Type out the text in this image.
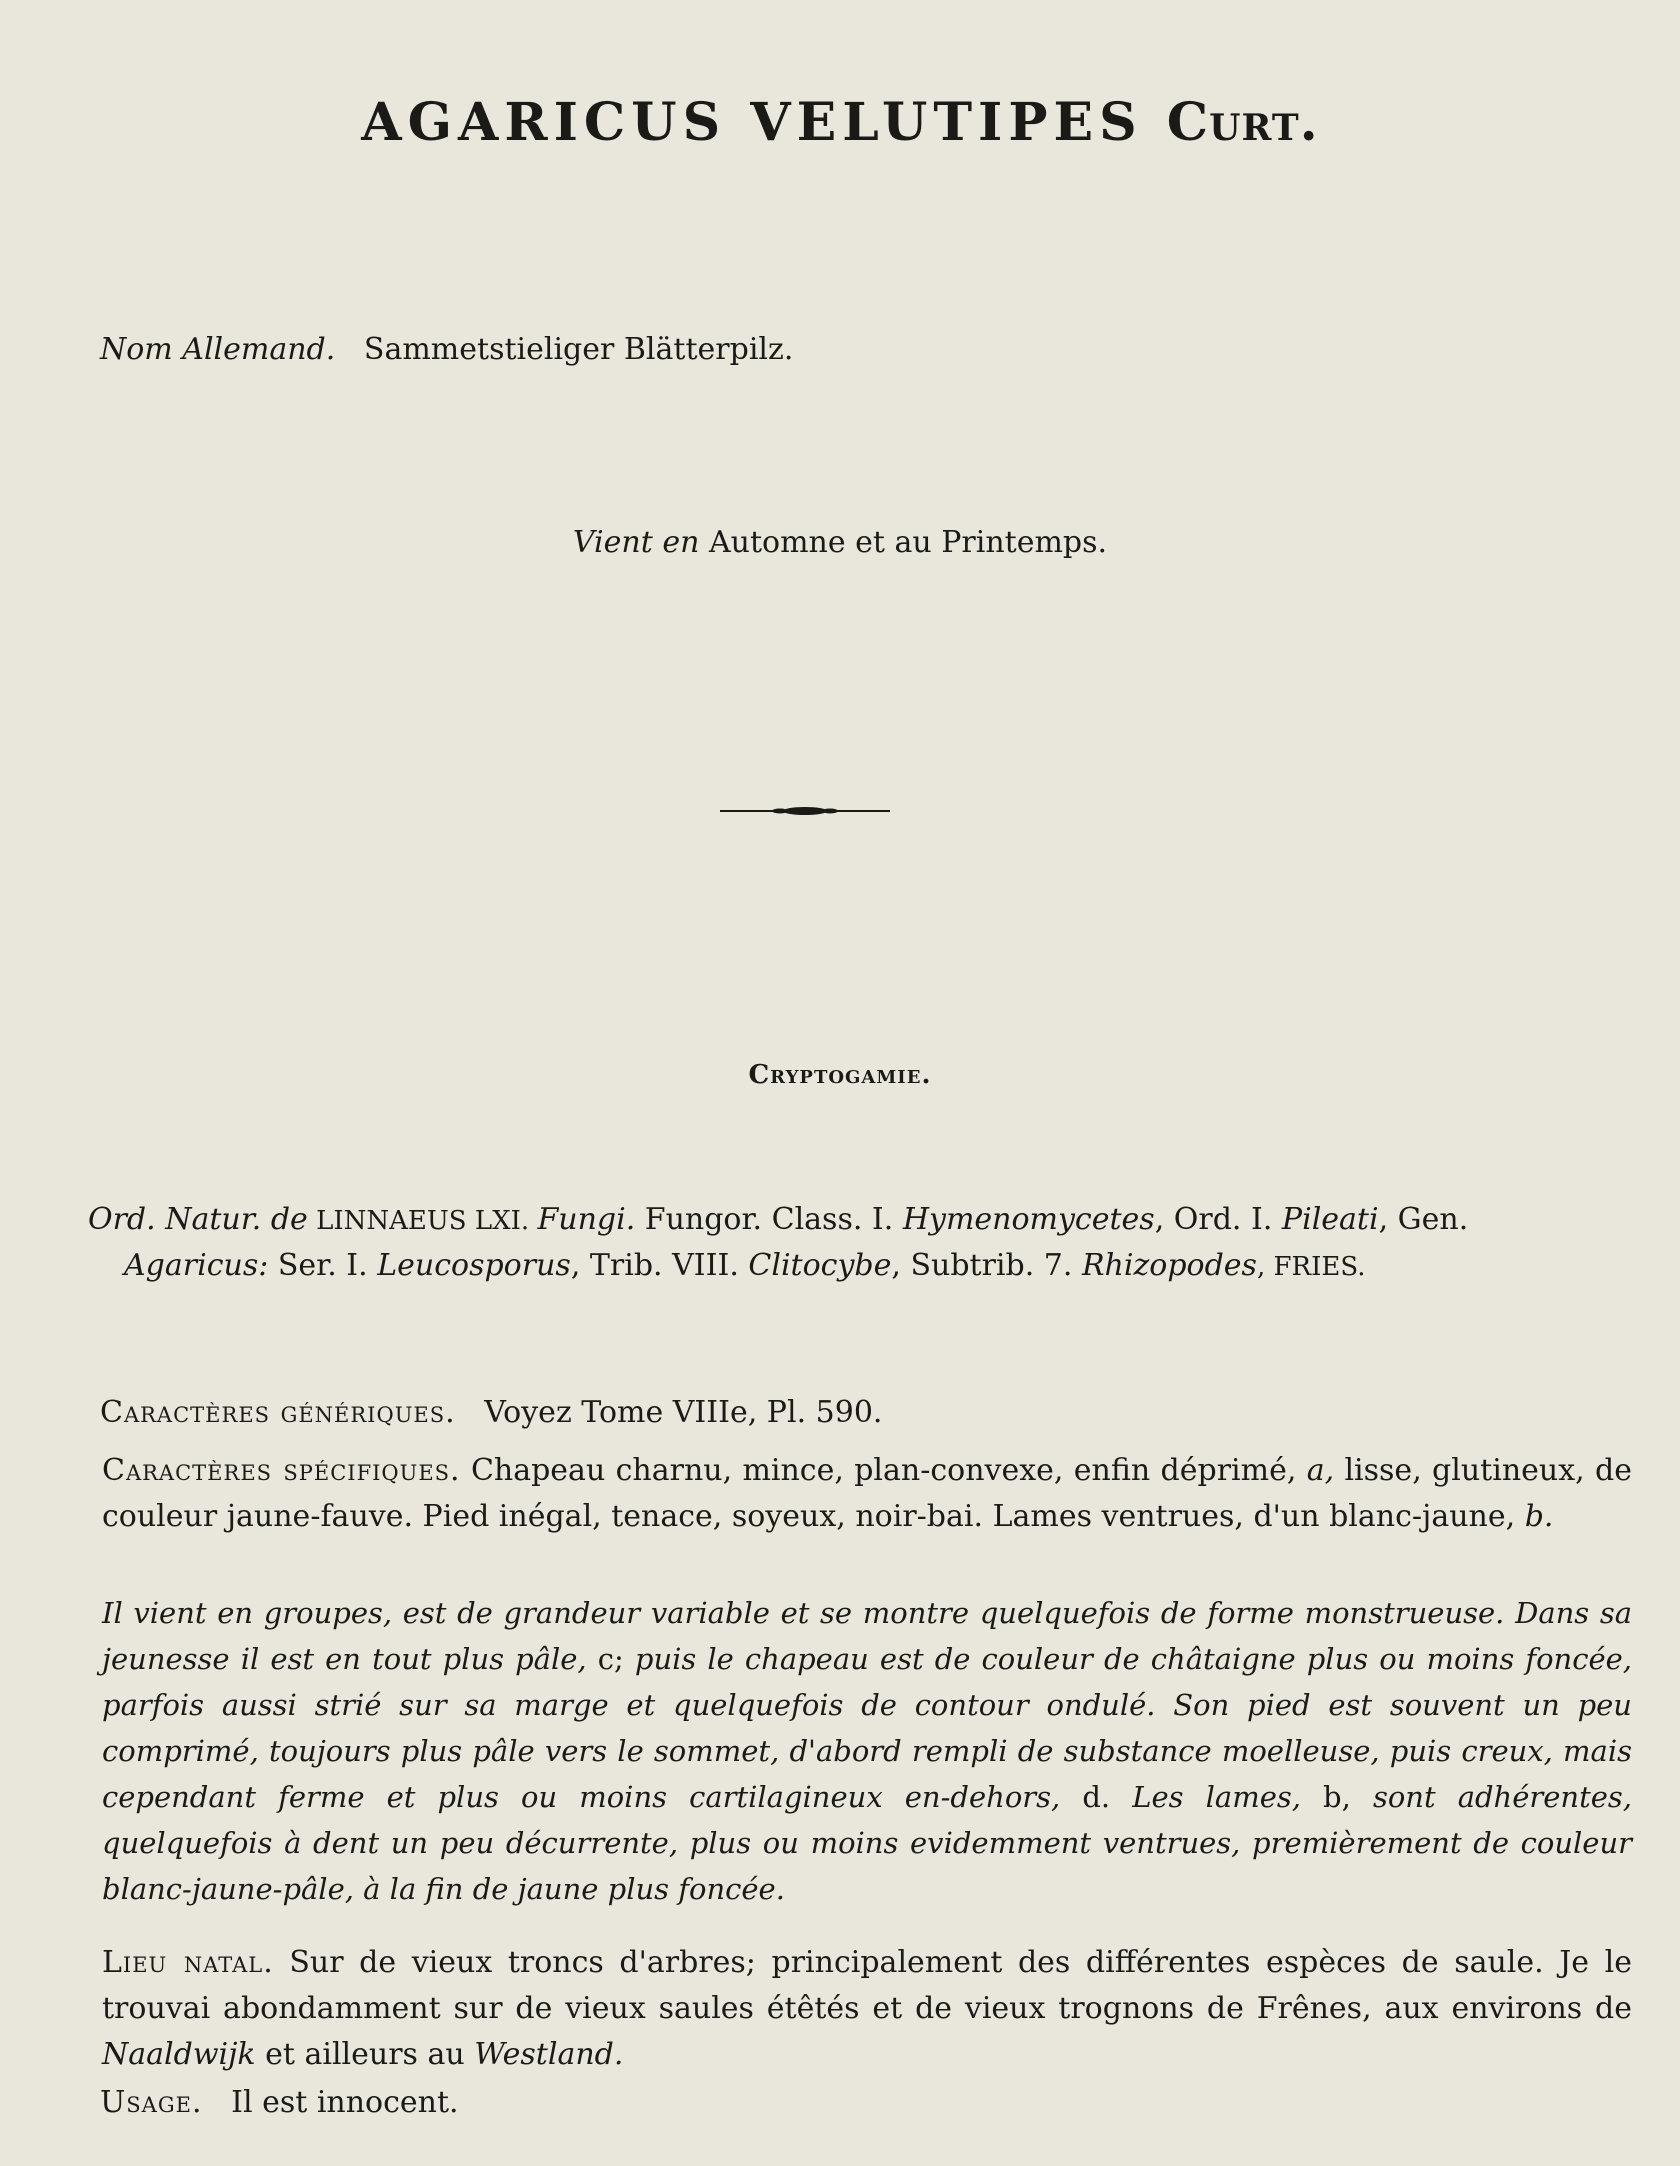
AGARICUS VELUTIPES Curt.
Nom Allemand. Sammetstieliger Blätterpilz.
Vient en Automne et au Printemps.
Cryptogamie.
Ord. Natur. de LINNAEUS LXI. Fungi. Fungor. Class. I. Hymenomycetes, Ord. I. Pileati, Gen.
Agaricus: Ser. I. Leucosporus, Trib. VIII. Clitocybe, Subtrib. 7. Rhizopodes, FRIES.
Caractères génériques. Voyez Tome VIIIe, Pl. 590.
Caractères spécifiques. Chapeau charnu, mince, plan-convexe, enfin déprimé, a, lisse, glutineux, de couleur jaune-fauve. Pied inégal, tenace, soyeux, noir-bai. Lames ventrues, d'un blanc-jaune, b.
Il vient en groupes, est de grandeur variable et se montre quelquefois de forme monstrueuse. Dans sa jeunesse il est en tout plus pâle, c; puis le chapeau est de couleur de châtaigne plus ou moins foncée, parfois aussi strié sur sa marge et quelquefois de contour ondulé. Son pied est souvent un peu comprimé, toujours plus pâle vers le sommet, d'abord rempli de substance moelleuse, puis creux, mais cependant ferme et plus ou moins cartilagineux en-dehors, d. Les lames, b, sont adhérentes, quelquefois à dent un peu décurrente, plus ou moins evidemment ventrues, premièrement de couleur blanc-jaune-pâle, à la fin de jaune plus foncée.
Lieu natal. Sur de vieux troncs d'arbres; principalement des différentes espèces de saule. Je le trouvai abondamment sur de vieux saules étêtés et de vieux trognons de Frênes, aux environs de Naaldwijk et ailleurs au Westland.
Usage. Il est innocent.
